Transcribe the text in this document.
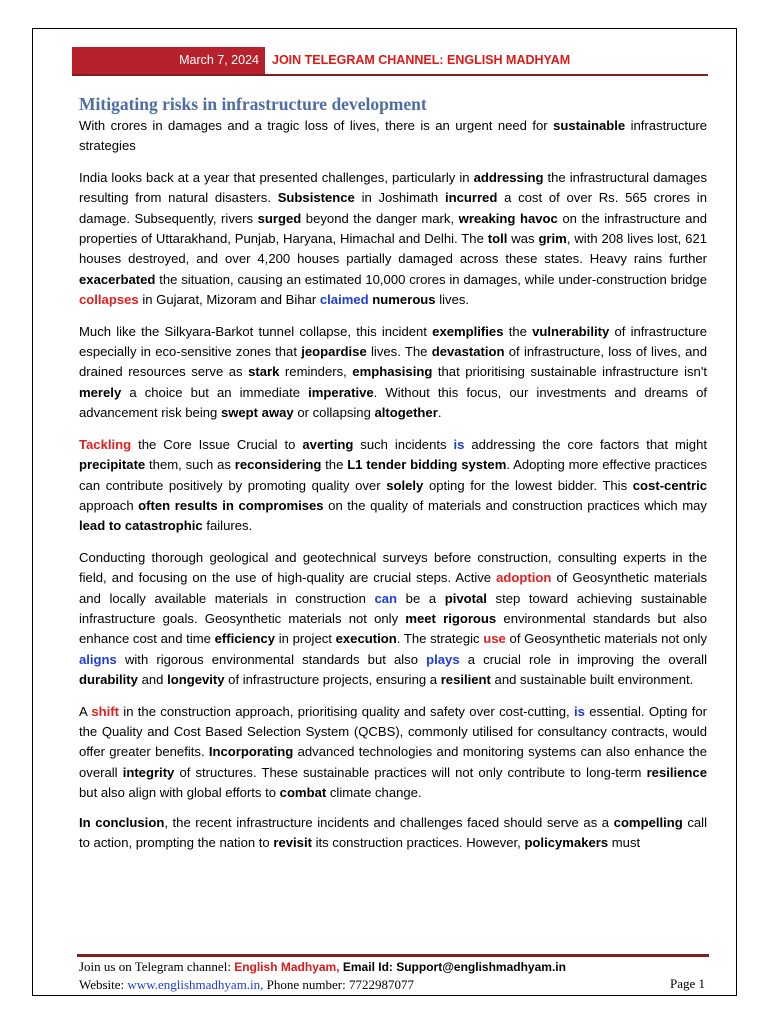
March 7, 2024	JOIN TELEGRAM CHANNEL: ENGLISH MADHYAM
Mitigating risks in infrastructure development

With crores in damages and a tragic loss of lives, there is an urgent need for sustainable infrastructure strategies

India looks back at a year that presented challenges, particularly in addressing the infrastructural damages resulting from natural disasters. Subsistence in Joshimath incurred a cost of over Rs. 565 crores in damage. Subsequently, rivers surged beyond the danger mark, wreaking havoc on the infrastructure and properties of Uttarakhand, Punjab, Haryana, Himachal and Delhi. The toll was grim, with 208 lives lost, 621 houses destroyed, and over 4,200 houses partially damaged across these states. Heavy rains further exacerbated the situation, causing an estimated 10,000 crores in damages, while under-construction bridge collapses in Gujarat, Mizoram and Bihar claimed numerous lives.

Much like the Silkyara-Barkot tunnel collapse, this incident exemplifies the vulnerability of infrastructure especially in eco-sensitive zones that jeopardise lives. The devastation of infrastructure, loss of lives, and drained resources serve as stark reminders, emphasising that prioritising sustainable infrastructure isn't merely a choice but an immediate imperative. Without this focus, our investments and dreams of advancement risk being swept away or collapsing altogether.

Tackling the Core Issue Crucial to averting such incidents is addressing the core factors that might precipitate them, such as reconsidering the L1 tender bidding system. Adopting more effective practices can contribute positively by promoting quality over solely opting for the lowest bidder. This cost-centric approach often results in compromises on the quality of materials and construction practices which may lead to catastrophic failures.

Conducting thorough geological and geotechnical surveys before construction, consulting experts in the field, and focusing on the use of high-quality are crucial steps. Active adoption of Geosynthetic materials and locally available materials in construction can be a pivotal step toward achieving sustainable infrastructure goals. Geosynthetic materials not only meet rigorous environmental standards but also enhance cost and time efficiency in project execution. The strategic use of Geosynthetic materials not only aligns with rigorous environmental standards but also plays a crucial role in improving the overall durability and longevity of infrastructure projects, ensuring a resilient and sustainable built environment.

A shift in the construction approach, prioritising quality and safety over cost-cutting, is essential. Opting for the Quality and Cost Based Selection System (QCBS), commonly utilised for consultancy contracts, would offer greater benefits. Incorporating advanced technologies and monitoring systems can also enhance the overall integrity of structures. These sustainable practices will not only contribute to long-term resilience but also align with global efforts to combat climate change.

In conclusion, the recent infrastructure incidents and challenges faced should serve as a compelling call to action, prompting the nation to revisit its construction practices. However, policymakers must

Join us on Telegram channel: English Madhyam, Email Id: Support@englishmadhyam.in
Website: www.englishmadhyam.in, Phone number: 7722987077	Page 1
